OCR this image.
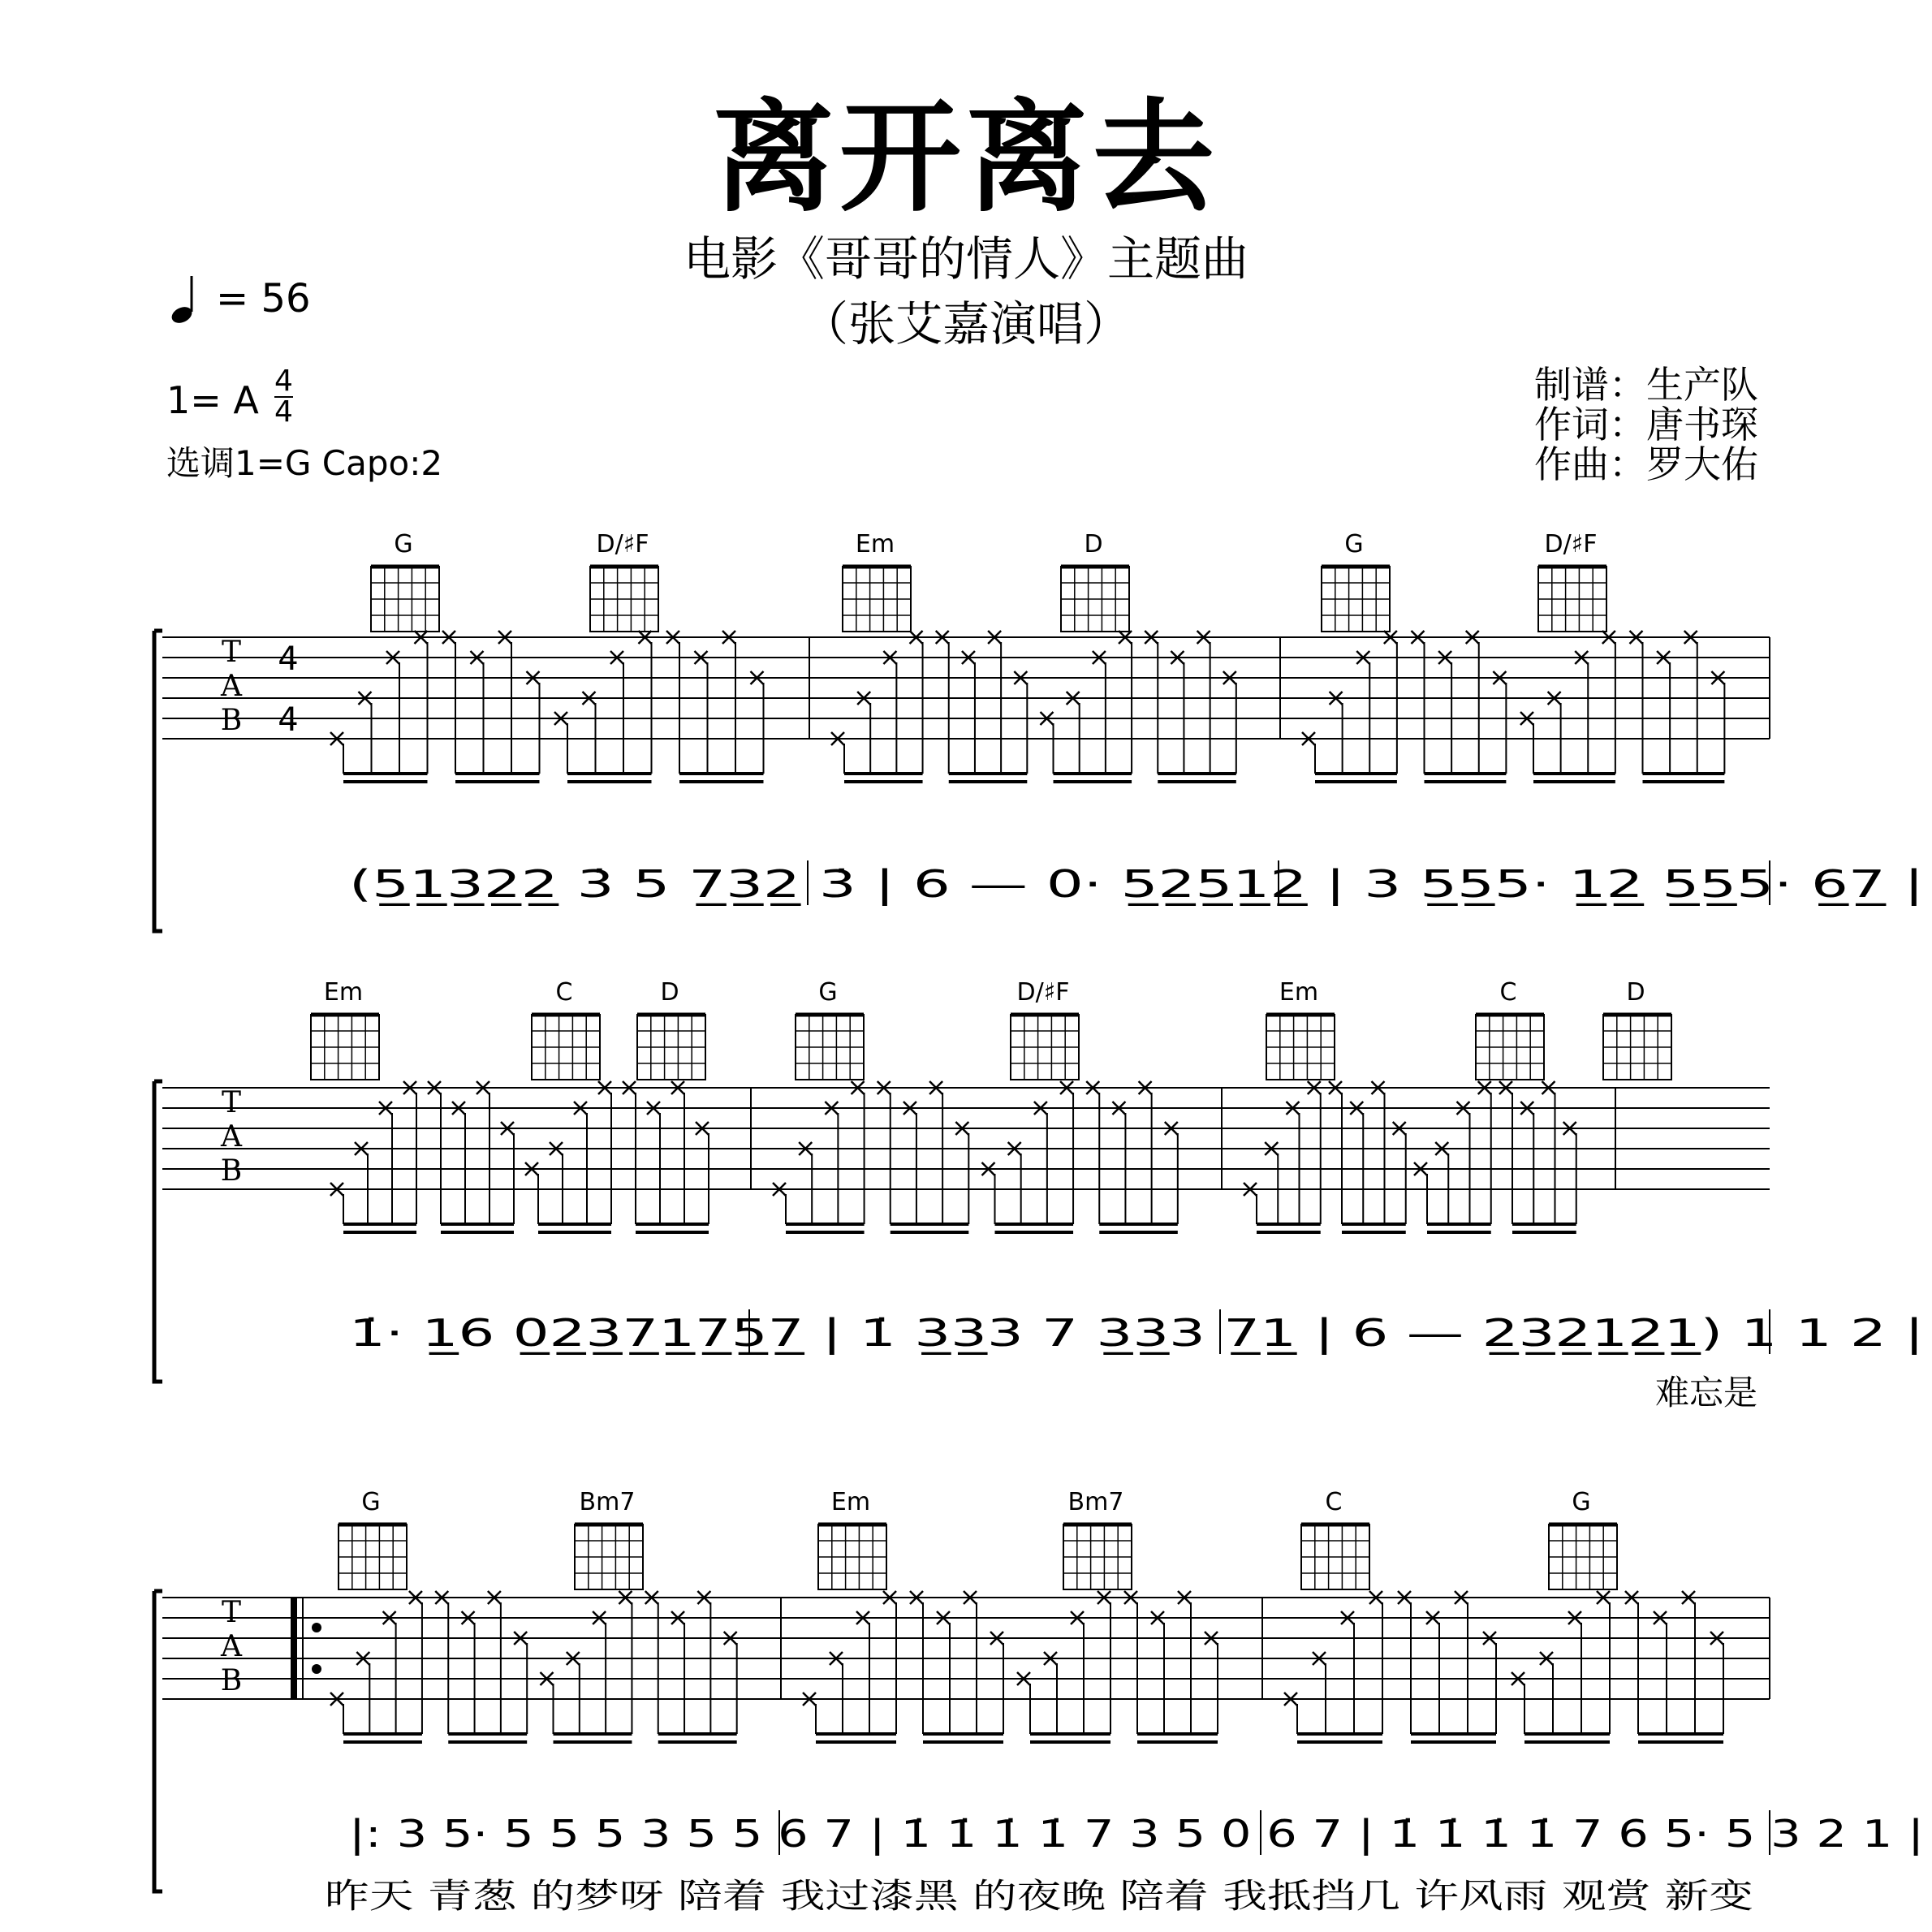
离开离去
电影《哥哥的情人》主题曲
（张艾嘉演唱）
= 56
1= A 4
4
选调1=G Capo:2
制谱：生产队
作词：唐书琛
作曲：罗大佑
T
A
B
4
4
G	D/♯F	Em	D	G	D/♯F
(5̲1̲3̲2̲2̲ 3̇ 5 7̲3̲2̲ 3̇ | 6 — 0· 5̲2̲5̲1̲2̲ | 3 5̲5̲5· 1̲2̲ 5̲5̲5· 6̲7̲ |
T
A
B
Em	C	D	G	D/♯F	Em	C	D
1̇· 1̲6 0̲2̲3̲7̲1̲7̲5̲7̲ | 1̇ 3̲3̲3 7 3̲3̲3 7̲1̲ | 6 — 2̲3̲2̲1̲2̲1̲) 1 1 2 |
难忘是
T
A
B
G	Bm7	Em	Bm7	C	G
|: 3 5· 5 5 5 3 5 5 6 7 | 1̇ 1̇ 1̇ 1̇ 7 3 5 0 6 7 | 1̇ 1̇ 1̇ 1̇ 7 6 5· 5 3 2 1 |
昨天 青葱 的梦呀 陪着 我过漆黑 的夜晚 陪着 我抵挡几 许风雨 观赏 新变
